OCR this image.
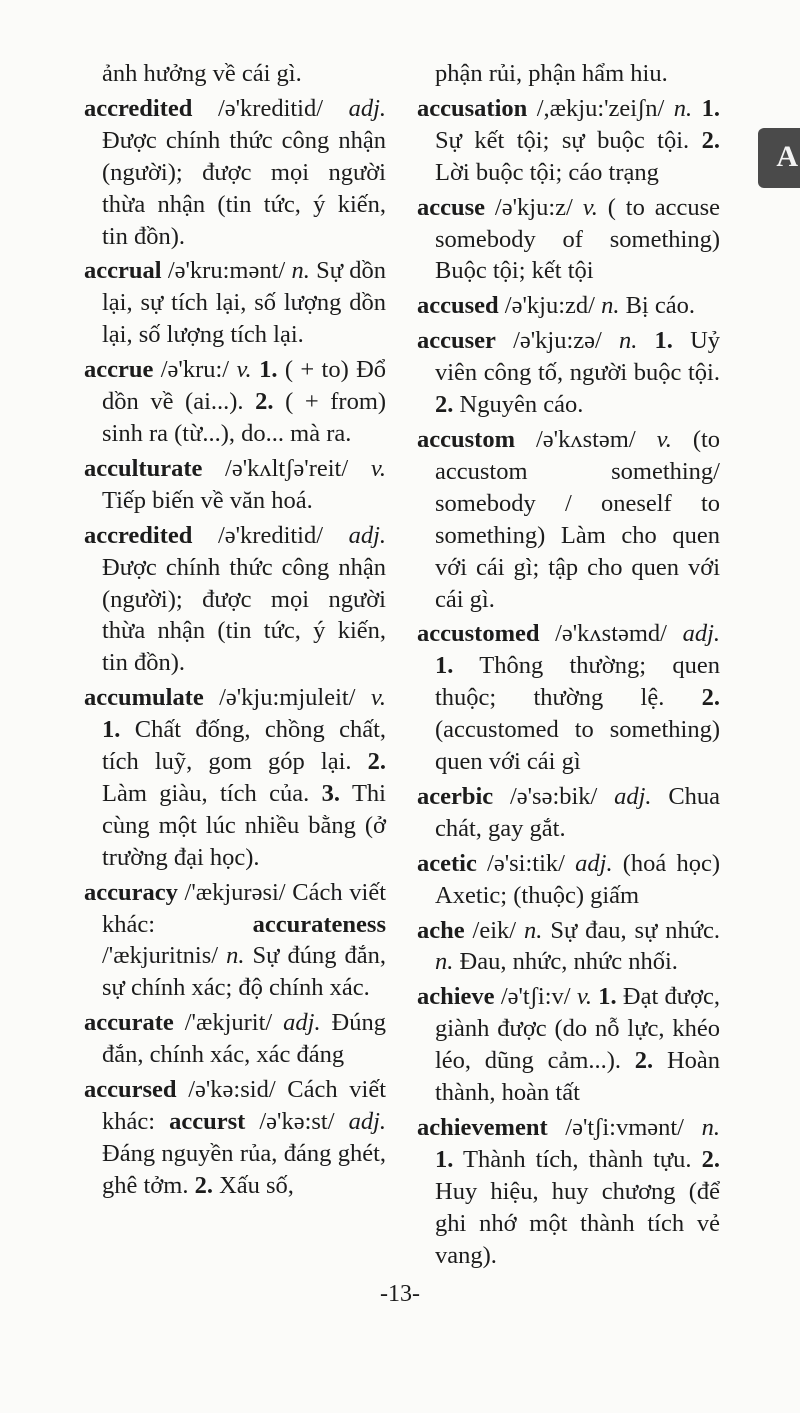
A

ảnh hưởng về cái gì.

accredited /ə'kreditid/ adj. Được chính thức công nhận (người); được mọi người thừa nhận (tin tức, ý kiến, tin đồn).

accrual /ə'kru:mənt/ n. Sự dồn lại, sự tích lại, số lượng dồn lại, số lượng tích lại.

accrue /ə'kru:/ v. 1. ( + to) Đổ dồn về (ai...). 2. ( + from) sinh ra (từ...), do... mà ra.

acculturate /ə'kʌltʃə'reit/ v. Tiếp biến về văn hoá.

accredited /ə'kreditid/ adj. Được chính thức công nhận (người); được mọi người thừa nhận (tin tức, ý kiến, tin đồn).

accumulate /ə'kju:mjuleit/ v. 1. Chất đống, chồng chất, tích luỹ, gom góp lại. 2. Làm giàu, tích của. 3. Thi cùng một lúc nhiều bằng (ở trường đại học).

accuracy /'ækjurəsi/ Cách viết khác:	accurateness /'ækjuritnis/ n. Sự đúng đắn, sự chính xác; độ chính xác.

accurate /'ækjurit/ adj. Đúng đắn, chính xác, xác đáng

accursed /ə'kə:sid/ Cách viết khác: accurst /ə'kə:st/ adj. Đáng nguyền rủa, đáng ghét, ghê tởm. 2. Xấu số,

phận rủi, phận hẩm hiu.

accusation /,ækju:'zeiʃn/ n. 1. Sự kết tội; sự buộc tội. 2. Lời buộc tội; cáo trạng

accuse /ə'kju:z/ v. ( to accuse somebody of something) Buộc tội; kết tội

accused /ə'kju:zd/ n. Bị cáo.

accuser /ə'kju:zə/ n. 1. Uỷ viên công tố, người buộc tội. 2. Nguyên cáo.

accustom /ə'kʌstəm/ v. (to accustom something/ somebody / oneself to something) Làm cho quen với cái gì; tập cho quen với cái gì.

accustomed /ə'kʌstəmd/ adj. 1. Thông thường; quen thuộc; thường lệ. 2. (accustomed to something) quen với cái gì

acerbic /ə'sə:bik/ adj. Chua chát, gay gắt.

acetic /ə'si:tik/ adj. (hoá học) Axetic; (thuộc) giấm

ache /eik/ n. Sự đau, sự nhức. n. Đau, nhức, nhức nhối.

achieve /ə'tʃi:v/ v. 1. Đạt được, giành được (do nỗ lực, khéo léo, dũng cảm...). 2. Hoàn thành, hoàn tất

achievement /ə'tʃi:vmənt/ n. 1. Thành tích, thành tựu. 2. Huy hiệu, huy chương (để ghi nhớ một thành tích vẻ vang).

-13-
